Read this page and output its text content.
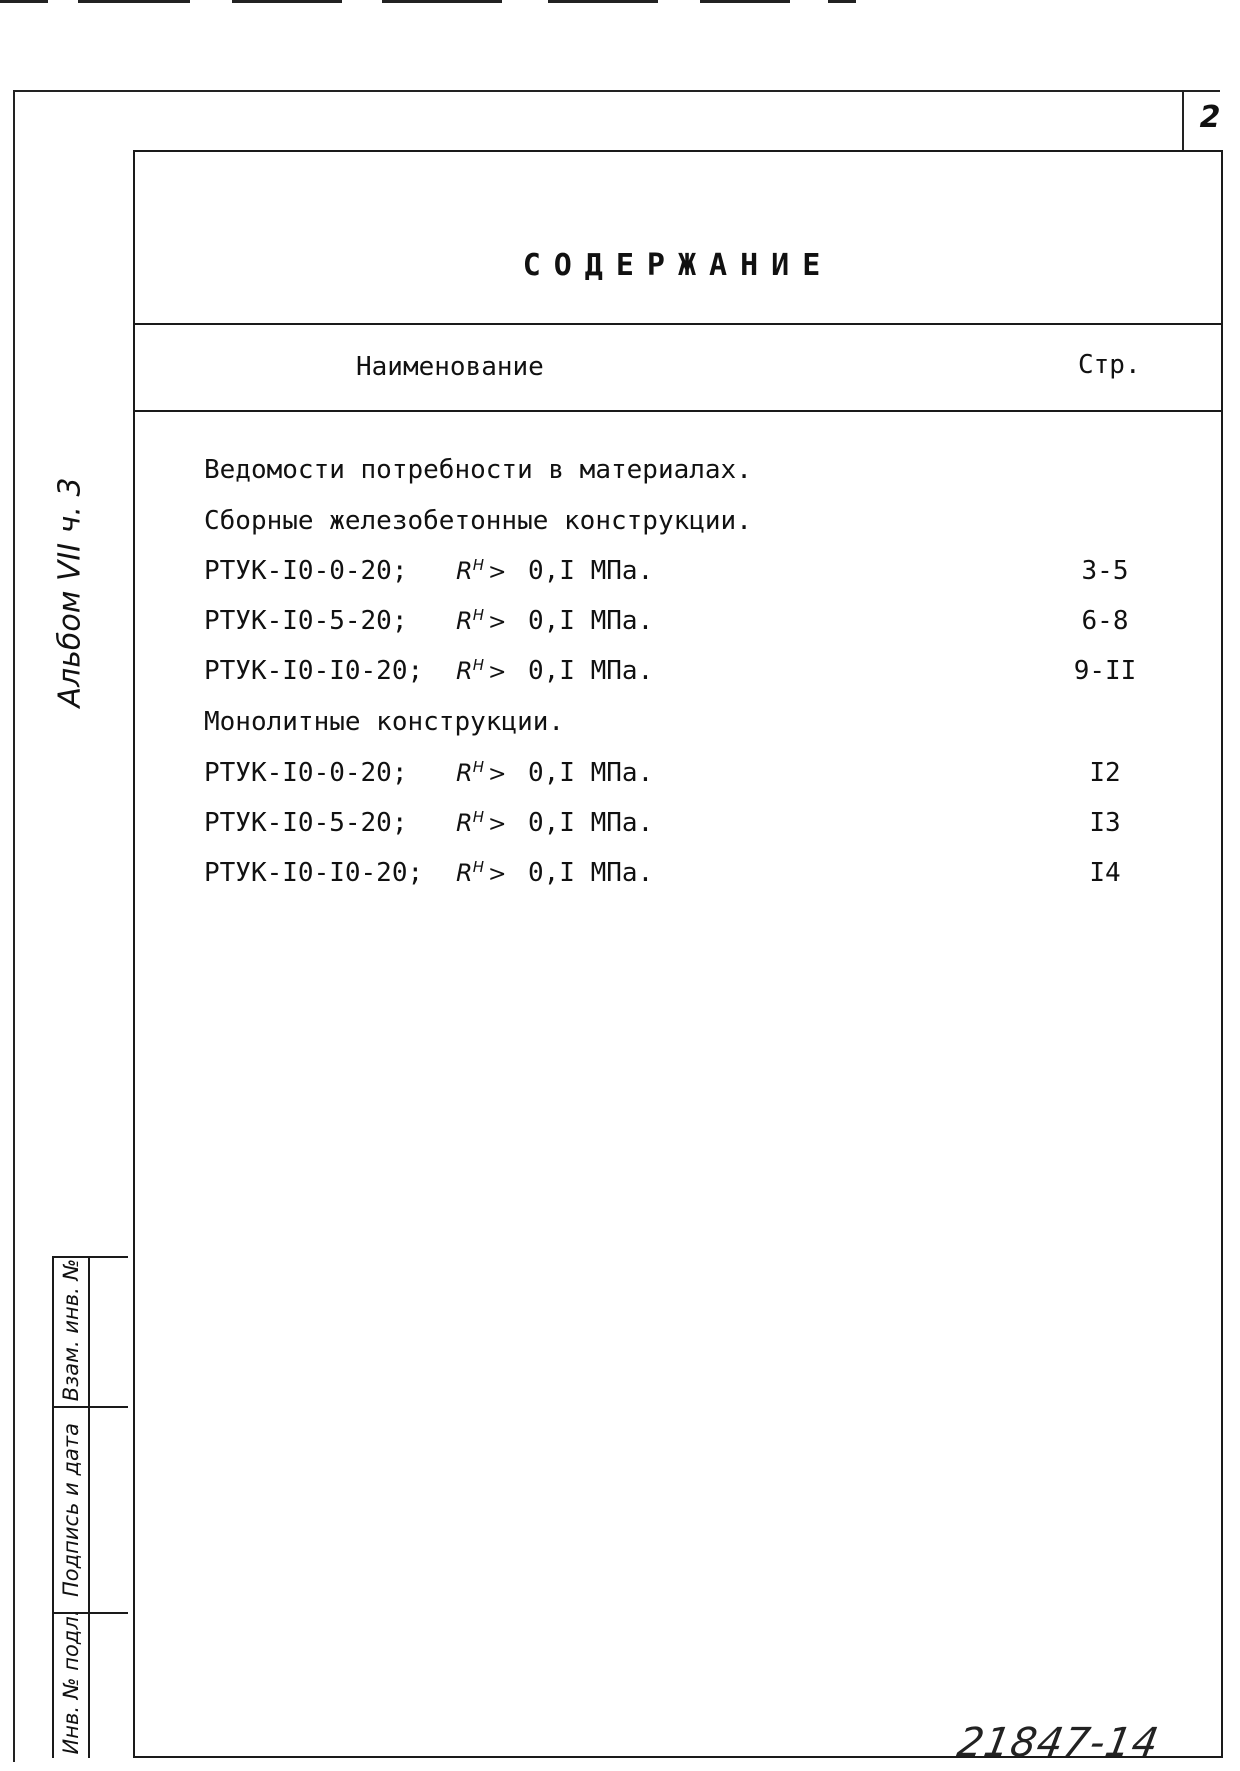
2
СОДЕРЖАНИЕ
Наименование	Стр.
Ведомости потребности в материалах.
Сборные железобетонные конструкции.
РТУК-I0-0-20; $R^Н > 0,I$ МПа.	3-5
РТУК-I0-5-20; $R^Н > 0,I$ МПа.	6-8
РТУК-I0-I0-20; $R^Н > 0,I$ МПа.	9-II
Монолитные конструкции.
РТУК-I0-0-20; $R^Н > 0,I$ МПа.	I2
РТУК-I0-5-20; $R^Н > 0,I$ МПа.	I3
РТУК-I0-I0-20; $R^Н > 0,I$ МПа.	I4
Альбом VII ч. 3
Инв. № подл.
Подпись и дата
Взам. инв. №
21847-14
